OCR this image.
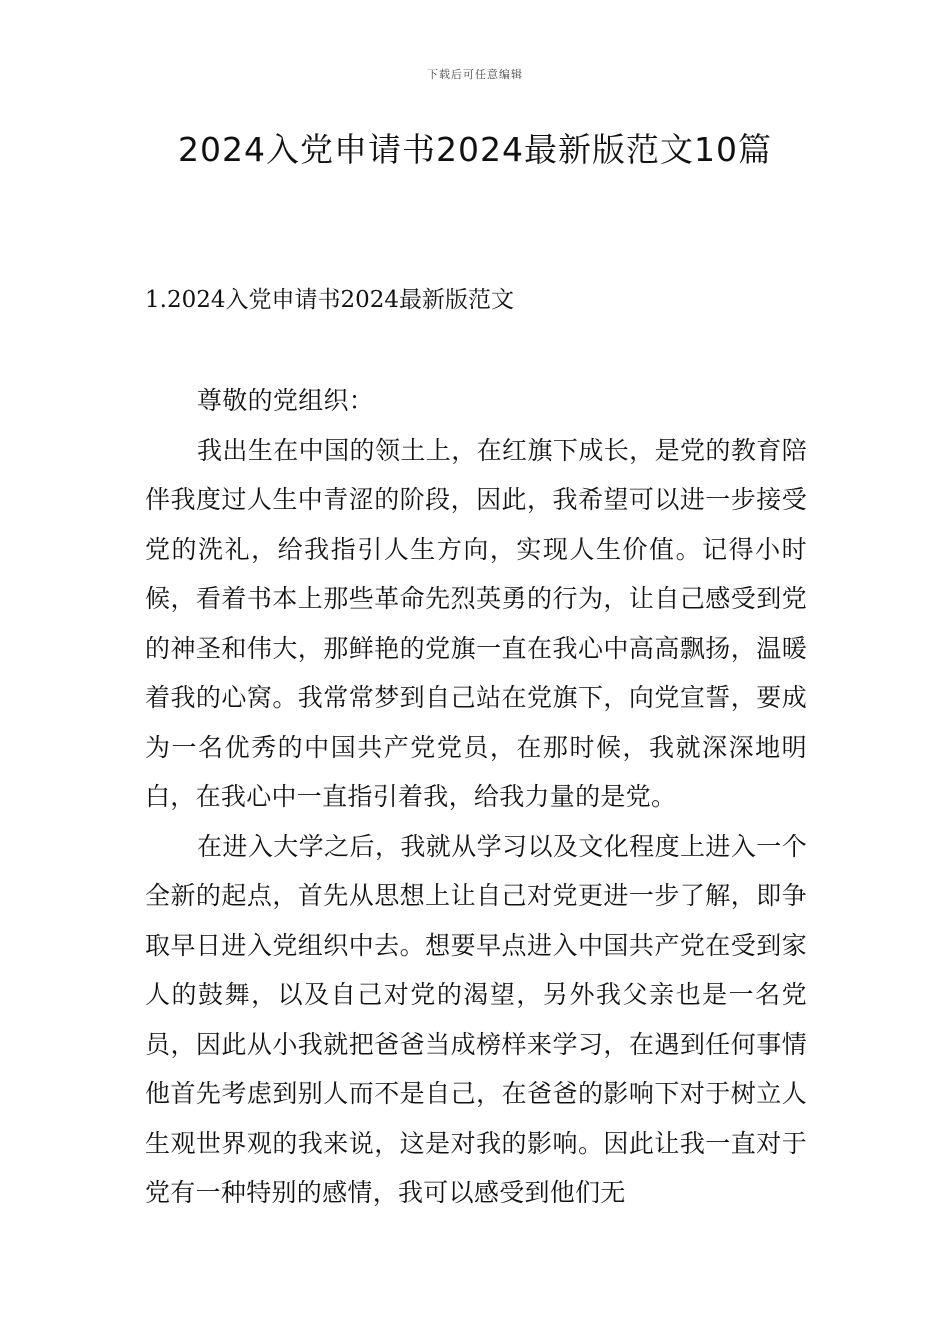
下载后可任意编辑
2024入党申请书2024最新版范文10篇
1.2024入党申请书2024最新版范文

尊敬的党组织：

我出生在中国的领土上，在红旗下成长，是党的教育陪伴我度过人生中青涩的阶段，因此，我希望可以进一步接受党的洗礼，给我指引人生方向，实现人生价值。记得小时候，看着书本上那些革命先烈英勇的行为，让自己感受到党的神圣和伟大，那鲜艳的党旗一直在我心中高高飘扬，温暖着我的心窝。我常常梦到自己站在党旗下，向党宣誓，要成为一名优秀的中国共产党党员，在那时候，我就深深地明白，在我心中一直指引着我，给我力量的是党。

在进入大学之后，我就从学习以及文化程度上进入一个全新的起点，首先从思想上让自己对党更进一步了解，即争取早日进入党组织中去。想要早点进入中国共产党在受到家人的鼓舞，以及自己对党的渴望，另外我父亲也是一名党员，因此从小我就把爸爸当成榜样来学习，在遇到任何事情他首先考虑到别人而不是自己，在爸爸的影响下对于树立人生观世界观的我来说，这是对我的影响。因此让我一直对于党有一种特别的感情，我可以感受到他们无
